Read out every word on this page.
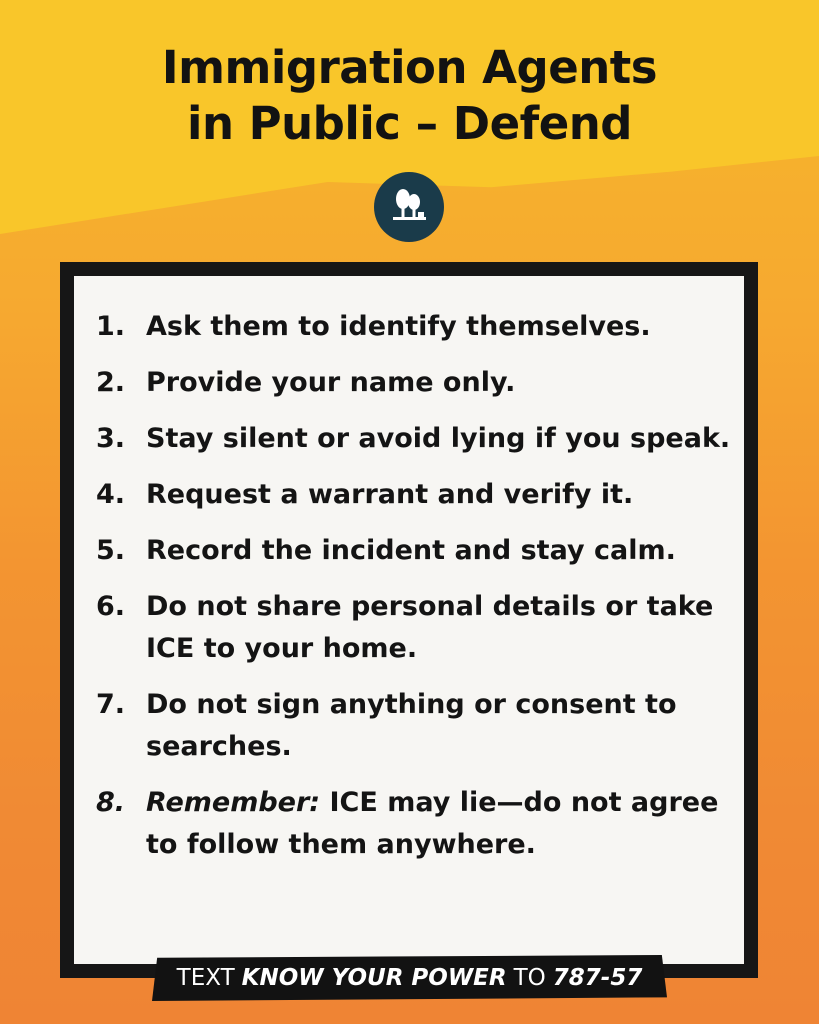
Immigration Agents
in Public – Defend
1. Ask them to identify themselves.
2. Provide your name only.
3. Stay silent or avoid lying if you speak.
4. Request a warrant and verify it.
5. Record the incident and stay calm.
6. Do not share personal details or take ICE to your home.
7. Do not sign anything or consent to searches.
8. Remember: ICE may lie—do not agree to follow them anywhere.
TEXT KNOW YOUR POWER TO 787-57
